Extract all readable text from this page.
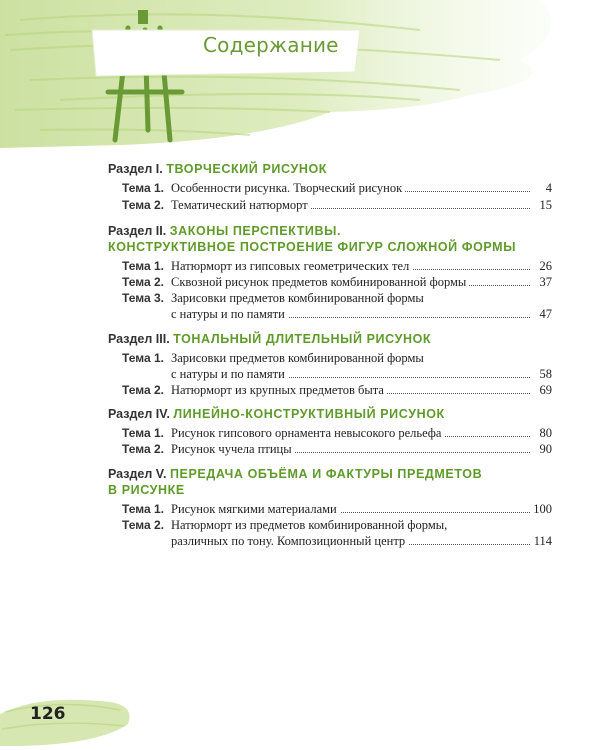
Содержание
Раздел I. ТВОРЧЕСКИЙ РИСУНОК
Тема 1. Особенности рисунка. Творческий рисунок	4
Тема 2. Тематический натюрморт	15
Раздел II. ЗАКОНЫ ПЕРСПЕКТИВЫ.
КОНСТРУКТИВНОЕ ПОСТРОЕНИЕ ФИГУР СЛОЖНОЙ ФОРМЫ
Тема 1. Натюрморт из гипсовых геометрических тел	26
Тема 2. Сквозной рисунок предметов комбинированной формы	37
Тема 3. Зарисовки предметов комбинированной формы
с натуры и по памяти	47
Раздел III. ТОНАЛЬНЫЙ ДЛИТЕЛЬНЫЙ РИСУНОК
Тема 1. Зарисовки предметов комбинированной формы
с натуры и по памяти	58
Тема 2. Натюрморт из крупных предметов быта	69
Раздел IV. ЛИНЕЙНО-КОНСТРУКТИВНЫЙ РИСУНОК
Тема 1. Рисунок гипсового орнамента невысокого рельефа	80
Тема 2. Рисунок чучела птицы	90
Раздел V. ПЕРЕДАЧА ОБЪЁМА И ФАКТУРЫ ПРЕДМЕТОВ
В РИСУНКЕ
Тема 1. Рисунок мягкими материалами	100
Тема 2. Натюрморт из предметов комбинированной формы,
различных по тону. Композиционный центр	114
126
